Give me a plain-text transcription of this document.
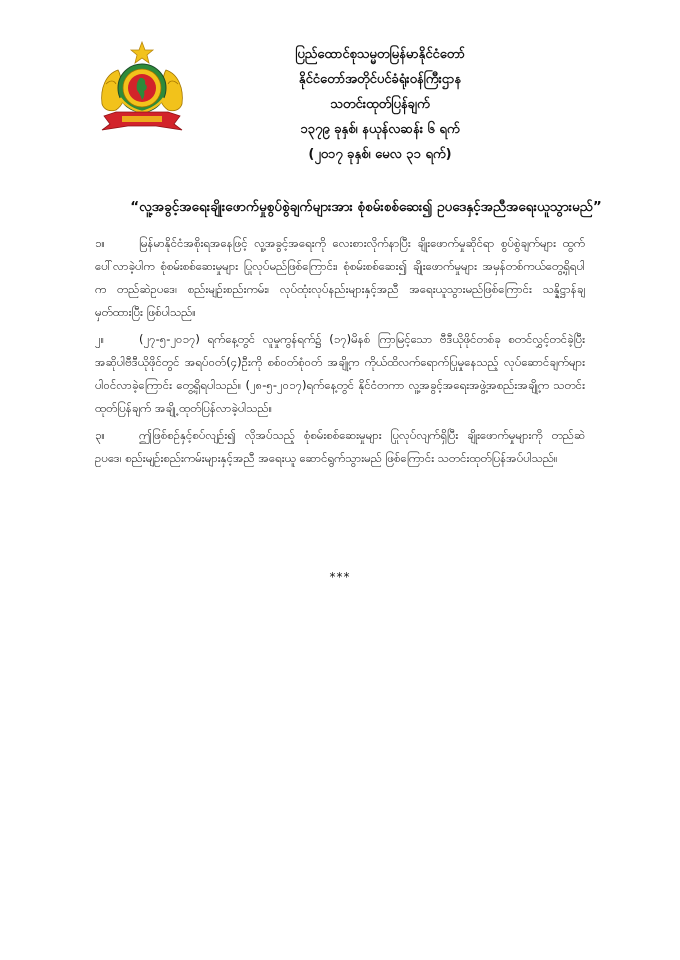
ပြည်ထောင်စုသမ္မတမြန်မာနိုင်ငံတော်
နိုင်ငံတော်အတိုင်ပင်ခံရုံးဝန်ကြီးဌာန
သတင်းထုတ်ပြန်ချက်
၁၃၇၉ ခုနှစ်၊ နယုန်လဆန်း ၆ ရက်
(၂၀၁၇ ခုနှစ်၊ မေလ ၃၁ ရက်)
“လူ့အခွင့်အရေးချိုးဖောက်မှုစွပ်စွဲချက်များအား စုံစမ်းစစ်ဆေး၍ ဥပဒေနှင့်အညီအရေးယူသွားမည်”

၁။	မြန်မာနိုင်ငံအစိုးရအနေဖြင့် လူ့အခွင့်အရေးကို လေးစားလိုက်နာပြီး ချိုးဖောက်မှုဆိုင်ရာ စွပ်စွဲချက်များ ထွက်ပေါ်လာခဲ့ပါက စုံစမ်းစစ်ဆေးမှုများ ပြုလုပ်မည်ဖြစ်ကြောင်း၊ စုံစမ်းစစ်ဆေး၍ ချိုးဖောက်မှုများ အမှန်တစ်ကယ်တွေ့ရှိရပါက တည်ဆဲဥပဒေ၊ စည်းမျဉ်းစည်းကမ်း၊ လုပ်ထုံးလုပ်နည်းများနှင့်အညီ အရေးယူသွားမည်ဖြစ်ကြောင်း သန္နိဋ္ဌာန်ချမှတ်ထားပြီး ဖြစ်ပါသည်။

၂။	(၂၇-၅-၂၀၁၇) ရက်နေ့တွင် လူမှုကွန်ရက်၌ (၁၇)မိနစ် ကြာမြင့်သော ဗီဒီယိုဖိုင်တစ်ခု စတင်လွှင့်တင်ခဲ့ပြီး အဆိုပါဗီဒီယိုဖိုင်တွင် အရပ်ဝတ်(၄)ဦးကို စစ်ဝတ်စုံဝတ် အချို့က ကိုယ်ထိလက်ရောက်ပြုမှုနေသည့် လုပ်ဆောင်ချက်များ ပါဝင်လာခဲ့ကြောင်း တွေ့ရှိရပါသည်။ (၂၈-၅-၂၀၁၇)ရက်နေ့တွင် နိုင်ငံတကာ လူ့အခွင့်အရေးအဖွဲ့အစည်းအချို့က သတင်းထုတ်ပြန်ချက် အချို့ ထုတ်ပြန်လာခဲ့ပါသည်။

၃။	ဤဖြစ်စဉ်နှင့်စပ်လျဉ်း၍ လိုအပ်သည့် စုံစမ်းစစ်ဆေးမှုများ ပြုလုပ်လျက်ရှိပြီး ချိုးဖောက်မှုများကို တည်ဆဲဥပဒေ၊ စည်းမျဉ်းစည်းကမ်းများနှင့်အညီ အရေးယူ ဆောင်ရွက်သွားမည် ဖြစ်ကြောင်း သတင်းထုတ်ပြန်အပ်ပါသည်။

***
